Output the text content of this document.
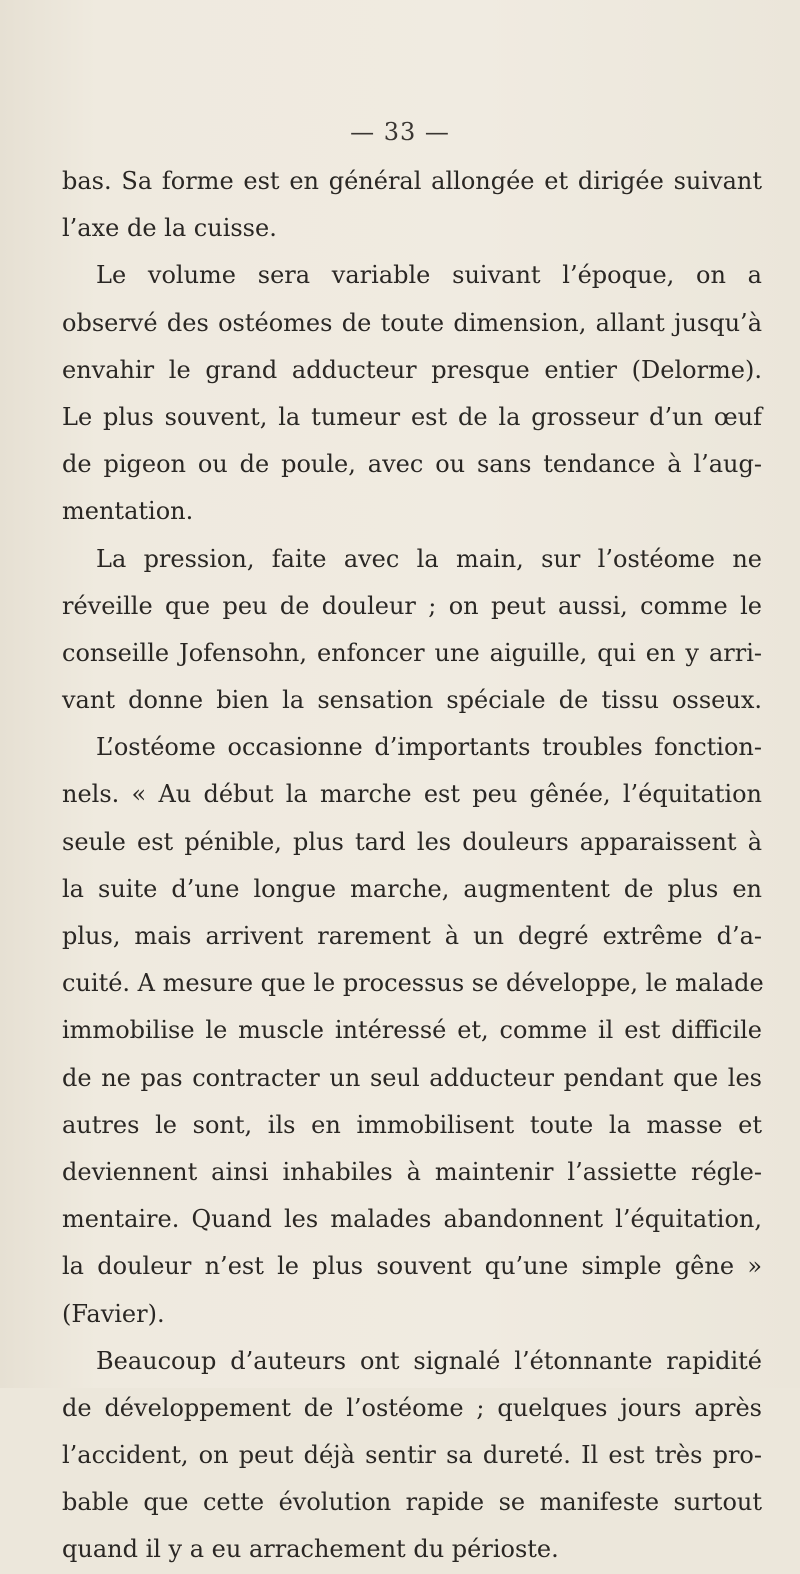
— 33 —
bas. Sa forme est en général allongée et dirigée suivant
l’axe de la cuisse.
Le volume sera variable suivant l’époque, on a
observé des ostéomes de toute dimension, allant jusqu’à
envahir le grand adducteur presque entier (Delorme).
Le plus souvent, la tumeur est de la grosseur d’un œuf
de pigeon ou de poule, avec ou sans tendance à l’aug-
mentation.
La pression, faite avec la main, sur l’ostéome ne
réveille que peu de douleur ; on peut aussi, comme le
conseille Jofensohn, enfoncer une aiguille, qui en y arri-
vant donne bien la sensation spéciale de tissu osseux.
L’ostéome occasionne d’importants troubles fonction-
nels. « Au début la marche est peu gênée, l’équitation
seule est pénible, plus tard les douleurs apparaissent à
la suite d’une longue marche, augmentent de plus en
plus, mais arrivent rarement à un degré extrême d’a-
cuité. A mesure que le processus se développe, le malade
immobilise le muscle intéressé et, comme il est difficile
de ne pas contracter un seul adducteur pendant que les
autres le sont, ils en immobilisent toute la masse et
deviennent ainsi inhabiles à maintenir l’assiette régle-
mentaire. Quand les malades abandonnent l’équitation,
la douleur n’est le plus souvent qu’une simple gêne »
(Favier).
Beaucoup d’auteurs ont signalé l’étonnante rapidité
de développement de l’ostéome ; quelques jours après
l’accident, on peut déjà sentir sa dureté. Il est très pro-
bable que cette évolution rapide se manifeste surtout
quand il y a eu arrachement du périoste.
